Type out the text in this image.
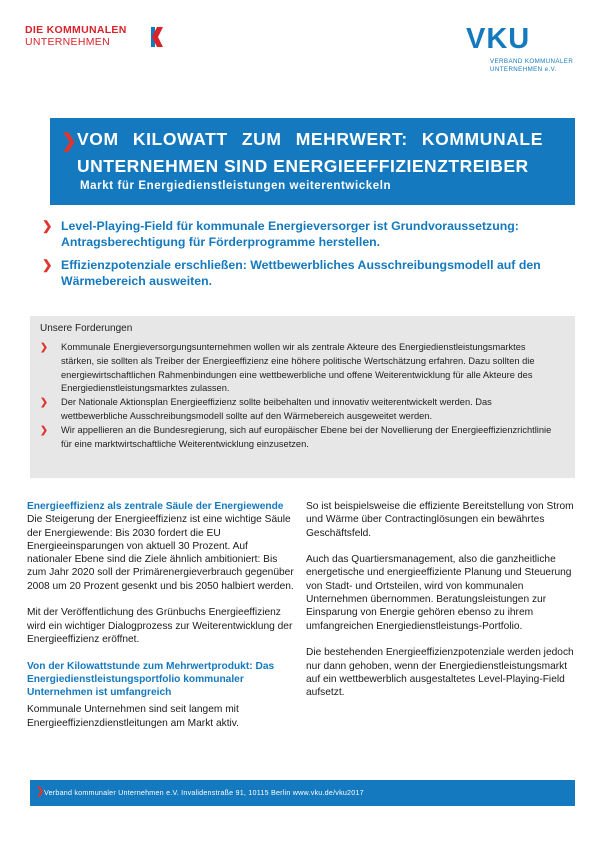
DIE KOMMUNALEN
UNTERNEHMEN	VKU
VERBAND KOMMUNALER
UNTERNEHMEN e.V.
❯ VOM KILOWATT ZUM MEHRWERT: KOMMUNALE
UNTERNEHMEN SIND ENERGIEEFFIZIENZTREIBER
Markt für Energiedienstleistungen weiterentwickeln
❯ Level-Playing-Field für kommunale Energieversorger ist Grundvoraussetzung: Antragsberechtigung für Förderprogramme herstellen.
❯ Effizienzpotenziale erschließen: Wettbewerbliches Ausschreibungsmodell auf den Wärmebereich ausweiten.
Unsere Forderungen
❯ Kommunale Energieversorgungsunternehmen wollen wir als zentrale Akteure des Energiedienstleistungsmarktes stärken, sie sollten als Treiber der Energieeffizienz eine höhere politische Wertschätzung erfahren. Dazu sollten die energiewirtschaftlichen Rahmenbindungen eine wettbewerbliche und offene Weiterentwicklung für alle Akteure des Energiedienstleistungsmarktes zulassen.
❯ Der Nationale Aktionsplan Energieeffizienz sollte beibehalten und innovativ weiterentwickelt werden. Das wettbewerbliche Ausschreibungsmodell sollte auf den Wärmebereich ausgeweitet werden.
❯ Wir appellieren an die Bundesregierung, sich auf europäischer Ebene bei der Novellierung der Energieeffizienzrichtlinie für eine marktwirtschaftliche Weiterentwicklung einzusetzen.
Energieeffizienz als zentrale Säule der Energiewende

Die Steigerung der Energieeffizienz ist eine wichtige Säule der Energiewende: Bis 2030 fordert die EU Energieeinsparungen von aktuell 30 Prozent. Auf nationaler Ebene sind die Ziele ähnlich ambitioniert: Bis zum Jahr 2020 soll der Primärenergieverbrauch gegenüber 2008 um 20 Prozent gesenkt und bis 2050 halbiert werden.

Mit der Veröffentlichung des Grünbuchs Energieeffizienz wird ein wichtiger Dialogprozess zur Weiterentwicklung der Energieeffizienz eröffnet.

Von der Kilowattstunde zum Mehrwertprodukt: Das Energiedienstleistungsportfolio kommunaler Unternehmen ist umfangreich

Kommunale Unternehmen sind seit langem mit Energieeffizienzdienstleitungen am Markt aktiv.

So ist beispielsweise die effiziente Bereitstellung von Strom und Wärme über Contractinglösungen ein bewährtes Geschäftsfeld.

Auch das Quartiersmanagement, also die ganzheitliche energetische und energieeffiziente Planung und Steuerung von Stadt- und Ortsteilen, wird von kommunalen Unternehmen übernommen. Beratungsleistungen zur Einsparung von Energie gehören ebenso zu ihrem umfangreichen Energiedienstleistungs-Portfolio.

Die bestehenden Energieeffizienzpotenziale werden jedoch nur dann gehoben, wenn der Energiedienstleistungsmarkt auf ein wettbewerblich ausgestaltetes Level-Playing-Field aufsetzt.

❯ Verband kommunaler Unternehmen e.V. Invalidenstraße 91, 10115 Berlin www.vku.de/vku2017
